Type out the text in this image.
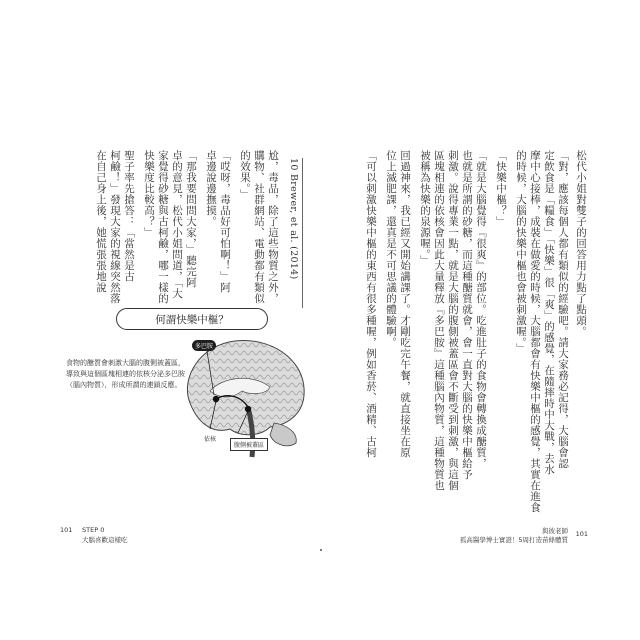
10 Brewer, et al. (2014)
尬，毒品，除了這些物質之外，
購物、社群網站、電動都有類似
的效果。」
「哎呀，毒品好可怕啊！」阿
卓邊說邊撫摸。
「那我要問問大家，」聽完阿
卓的意見，松代小姐問道，「大
家覺得砂糖與古柯鹼，哪一樣的
快樂度比較高？」
聖子率先搶答：「當然是古
柯鹼！」發現大家的視線突然落
在自己身上後，她慌張張地說
何謂快樂中樞？
食物的醣質會刺激大腦的腹側被蓋區，導致與這個區塊相連的依核分泌多巴胺（腦內物質），形成所謂的連鎖反應。
多巴胺
依核
腹側被蓋區
101 STEP 0
大腦喜歡這樣吃
松代小姐對雙子的回答用力點了點頭。
「對，應該每個人都有類似的經驗吧。請大家務必記得，大腦會認
定飲食是「糧食」「快樂」很「爽」的感覺，在隨摔時中大戰，去水
摩中心接棒，成裝在做愛的時候，大腦都會有快樂中樞的感覺，其實在進食
的時候，大腦的快樂中樞也會被刺激喔。」
「快樂中樞？」
「就是大腦覺得『很爽』的部位。吃進肚子的食物會轉換成醣質，
也就是所謂的砂糖，而這種醣質就會，會一直對大腦的快樂中樞給予
刺激。說得專業一點，就是大腦的腹側被蓋區會不斷受到刺激，與這個
區塊相連的依核會因此大量釋放『多巴胺』這種腦內物質，這種物質也
被稱為快樂的泉源喔。」
回過神來，我已經又開始講課了。才剛吃完午餐，就直接坐在原
位上滅肥課，還真是不可思議的體驗啊。
「可以刺激快樂中樞的東西有很多種喔，例如香菸、酒精、古柯
與彼老師
孤高醫學博士實證！5周打造苗條體質
101
